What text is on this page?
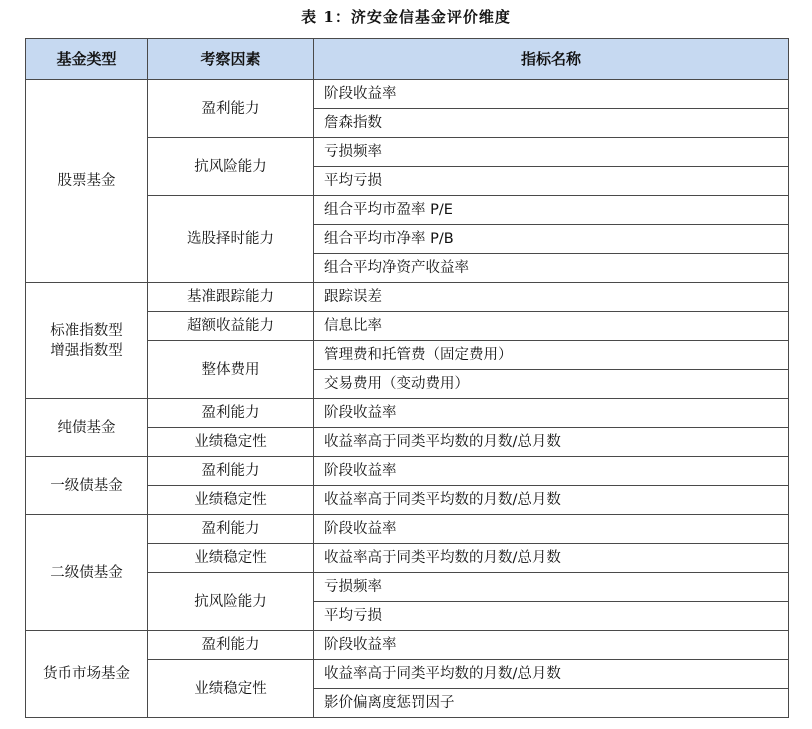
表 1：济安金信基金评价维度
基金类型	考察因素	指标名称

股票基金	盈利能力	阶段收益率
		詹森指数
	抗风险能力	亏损频率
		平均亏损
	选股择时能力	组合平均市盈率 P/E
		组合平均市净率 P/B
		组合平均净资产收益率

标准指数型
增强指数型	基准跟踪能力	跟踪误差
	超额收益能力	信息比率
	整体费用	管理费和托管费（固定费用）
		交易费用（变动费用）

纯债基金	盈利能力	阶段收益率
	业绩稳定性	收益率高于同类平均数的月数/总月数

一级债基金	盈利能力	阶段收益率
	业绩稳定性	收益率高于同类平均数的月数/总月数

二级债基金	盈利能力	阶段收益率
	业绩稳定性	收益率高于同类平均数的月数/总月数
	抗风险能力	亏损频率
		平均亏损

货币市场基金	盈利能力	阶段收益率
	业绩稳定性	收益率高于同类平均数的月数/总月数
		影价偏离度惩罚因子
